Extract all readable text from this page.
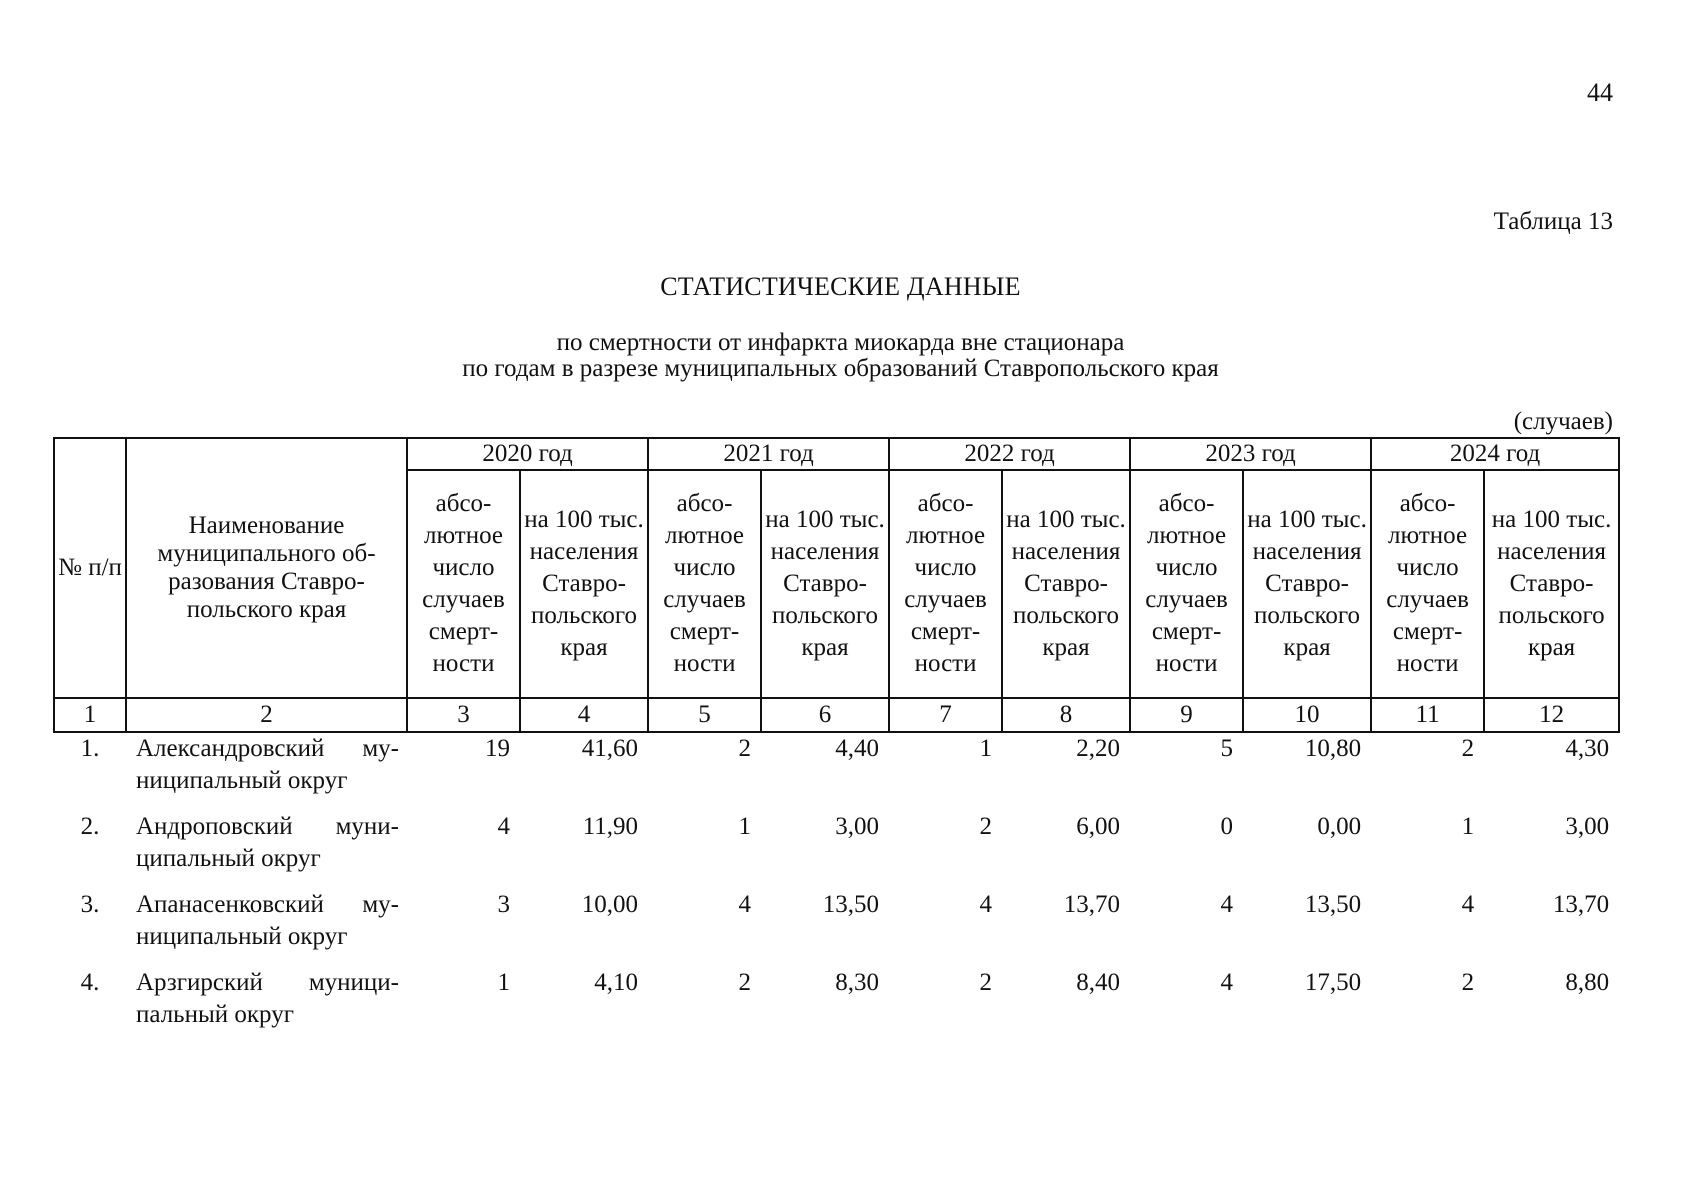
44
Таблица 13
СТАТИСТИЧЕСКИЕ ДАННЫЕ
по смертности от инфаркта миокарда вне стационара
по годам в разрезе муниципальных образований Ставропольского края
(случаев)
№ п/п	Наименование муниципального образования Ставропольского края	2020 год		2021 год		2022 год		2023 год		2024 год	
		абсолютное число случаев смертности	на 100 тыс. населения Ставропольского края	абсолютное число случаев смертности	на 100 тыс. населения Ставропольского края	абсолютное число случаев смертности	на 100 тыс. населения Ставропольского края	абсолютное число случаев смертности	на 100 тыс. населения Ставропольского края	абсолютное число случаев смертности	на 100 тыс. населения Ставропольского края
1	2	3	4	5	6	7	8	9	10	11	12
1.	Александровский муниципальный округ	19	41,60	2	4,40	1	2,20	5	10,80	2	4,30
2.	Андроповский муниципальный округ	4	11,90	1	3,00	2	6,00	0	0,00	1	3,00
3.	Апанасенковский муниципальный округ	3	10,00	4	13,50	4	13,70	4	13,50	4	13,70
4.	Арзгирский муниципальный округ	1	4,10	2	8,30	2	8,40	4	17,50	2	8,80
